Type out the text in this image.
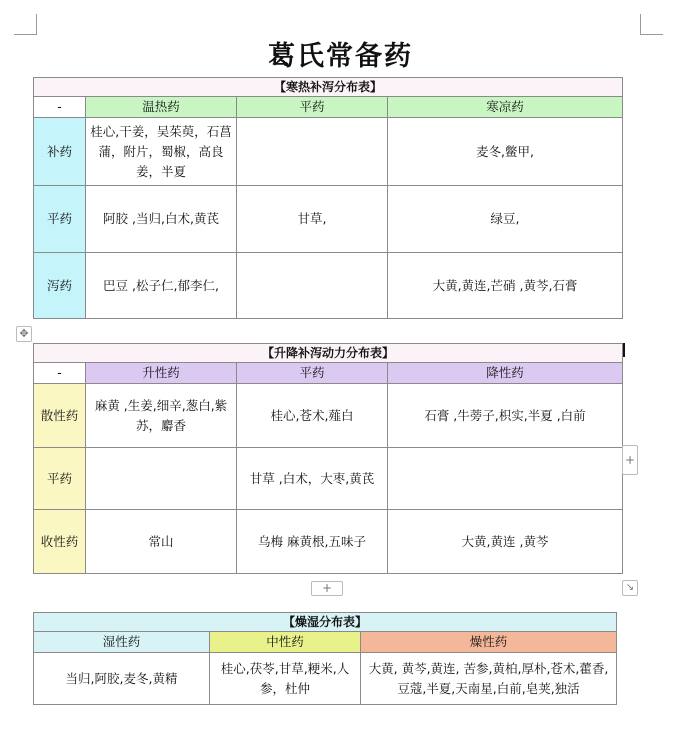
葛氏常备药
【寒热补泻分布表】			
-	温热药	平药	寒凉药
补药	桂心,干姜，吴茱萸，石菖蒲，附片，蜀椒，高良姜，半夏		麦冬,鳖甲,
平药	阿胶 ,当归,白术,黄芪	甘草,	绿豆,
泻药	巴豆 ,松子仁,郁李仁,		大黄,黄连,芒硝 ,黄芩,石膏
✥
【升降补泻动力分布表】			
-	升性药	平药	降性药
散性药	麻黄 ,生姜,细辛,葱白,紫苏，麝香	桂心,苍术,薤白	石膏 ,牛蒡子,枳实,半夏 ,白前
平药		甘草 ,白术，大枣,黄芪	
收性药	常山	乌梅 麻黄根,五味子	大黄,黄连 ,黄芩
+
+	↘
【燥湿分布表】		
湿性药	中性药	燥性药
当归,阿胶,麦冬,黄精	桂心,茯苓,甘草,粳米,人参，杜仲	大黄, 黄芩,黄连, 苦参,黄柏,厚朴,苍术,藿香,豆蔻,半夏,天南星,白前,皂荚,独活
